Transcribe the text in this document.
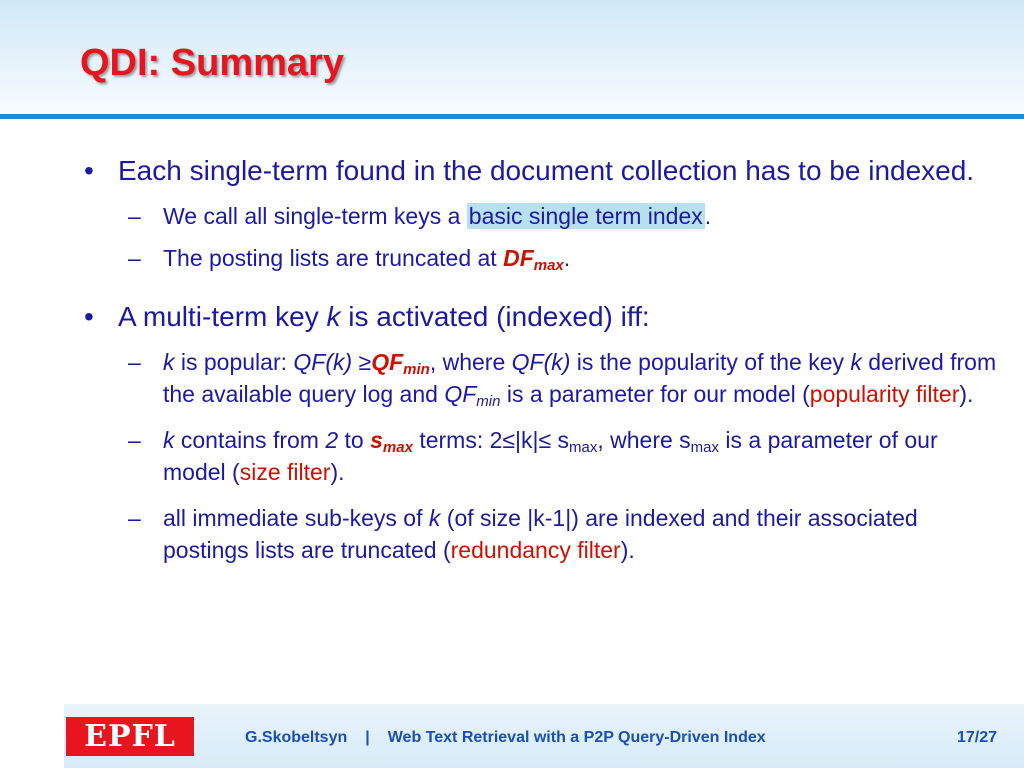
QDI: Summary
• Each single-term found in the document collection has to be indexed.
– We call all single-term keys a basic single term index.
– The posting lists are truncated at $DF_{max}$.
• A multi-term key k is activated (indexed) iff:
– k is popular: $QF(k) \ge QF_{min}$, where QF(k) is the popularity of the key k derived from the available query log and $QF_{min}$ is a parameter for our model (popularity filter).
– k contains from 2 to $s_{max}$ terms: $2\le|k|\le s_{max}$, where $s_{max}$ is a parameter of our model (size filter).
– all immediate sub-keys of k (of size |k-1|) are indexed and their associated postings lists are truncated (redundancy filter).
EPFL	G.Skobeltsyn | Web Text Retrieval with a P2P Query-Driven Index	17/27
